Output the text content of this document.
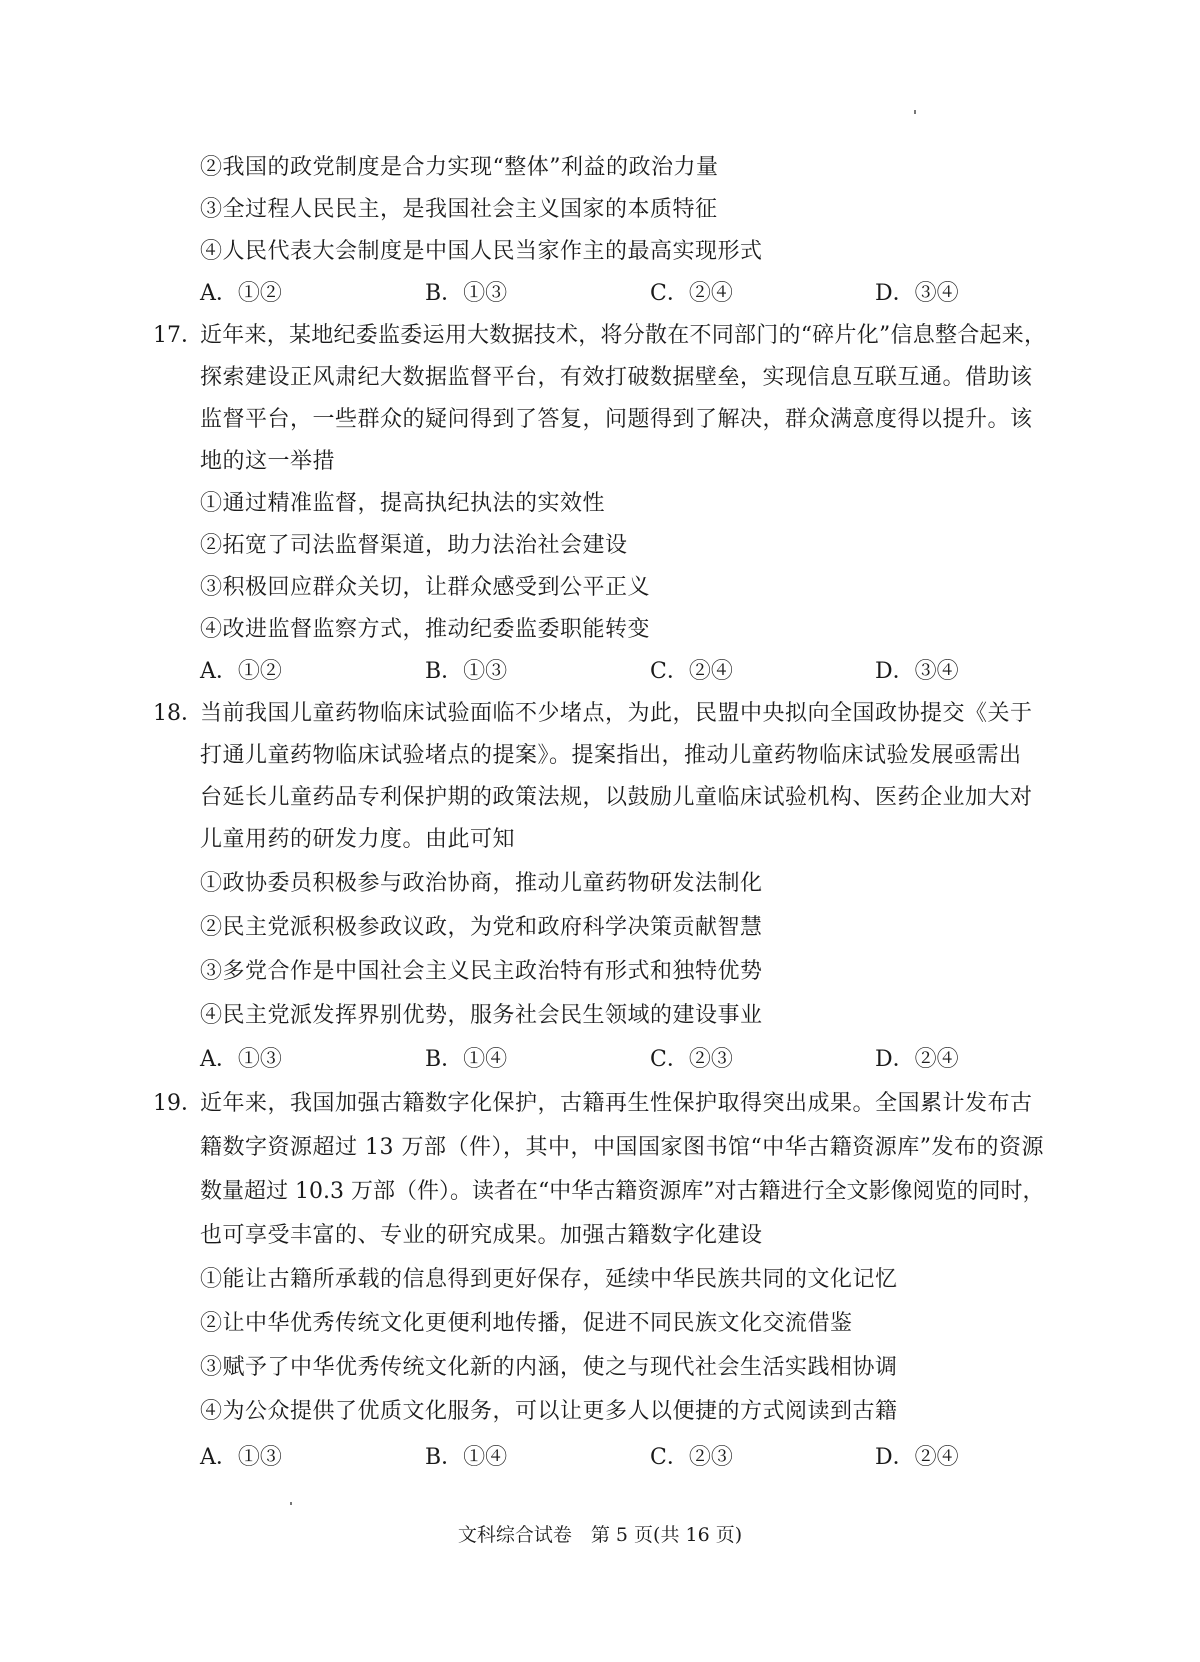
②我国的政党制度是合力实现“整体”利益的政治力量
③全过程人民民主，是我国社会主义国家的本质特征
④人民代表大会制度是中国人民当家作主的最高实现形式
A．①②	B．①③	C．②④	D．③④
17．
近年来，某地纪委监委运用大数据技术，将分散在不同部门的“碎片化”信息整合起来，
探索建设正风肃纪大数据监督平台，有效打破数据壁垒，实现信息互联互通。借助该
监督平台，一些群众的疑问得到了答复，问题得到了解决，群众满意度得以提升。该
地的这一举措
①通过精准监督，提高执纪执法的实效性
②拓宽了司法监督渠道，助力法治社会建设
③积极回应群众关切，让群众感受到公平正义
④改进监督监察方式，推动纪委监委职能转变
A．①②	B．①③	C．②④	D．③④
18．
当前我国儿童药物临床试验面临不少堵点，为此，民盟中央拟向全国政协提交《关于
打通儿童药物临床试验堵点的提案》。提案指出，推动儿童药物临床试验发展亟需出
台延长儿童药品专利保护期的政策法规，以鼓励儿童临床试验机构、医药企业加大对
儿童用药的研发力度。由此可知
①政协委员积极参与政治协商，推动儿童药物研发法制化
②民主党派积极参政议政，为党和政府科学决策贡献智慧
③多党合作是中国社会主义民主政治特有形式和独特优势
④民主党派发挥界别优势，服务社会民生领域的建设事业
A．①③	B．①④	C．②③	D．②④
19．
近年来，我国加强古籍数字化保护，古籍再生性保护取得突出成果。全国累计发布古
籍数字资源超过 13 万部（件），其中，中国国家图书馆“中华古籍资源库”发布的资源
数量超过 10.3 万部（件）。读者在“中华古籍资源库”对古籍进行全文影像阅览的同时，
也可享受丰富的、专业的研究成果。加强古籍数字化建设
①能让古籍所承载的信息得到更好保存，延续中华民族共同的文化记忆
②让中华优秀传统文化更便利地传播，促进不同民族文化交流借鉴
③赋予了中华优秀传统文化新的内涵，使之与现代社会生活实践相协调
④为公众提供了优质文化服务，可以让更多人以便捷的方式阅读到古籍
A．①③	B．①④	C．②③	D．②④
文科综合试卷　第 5 页(共 16 页)
